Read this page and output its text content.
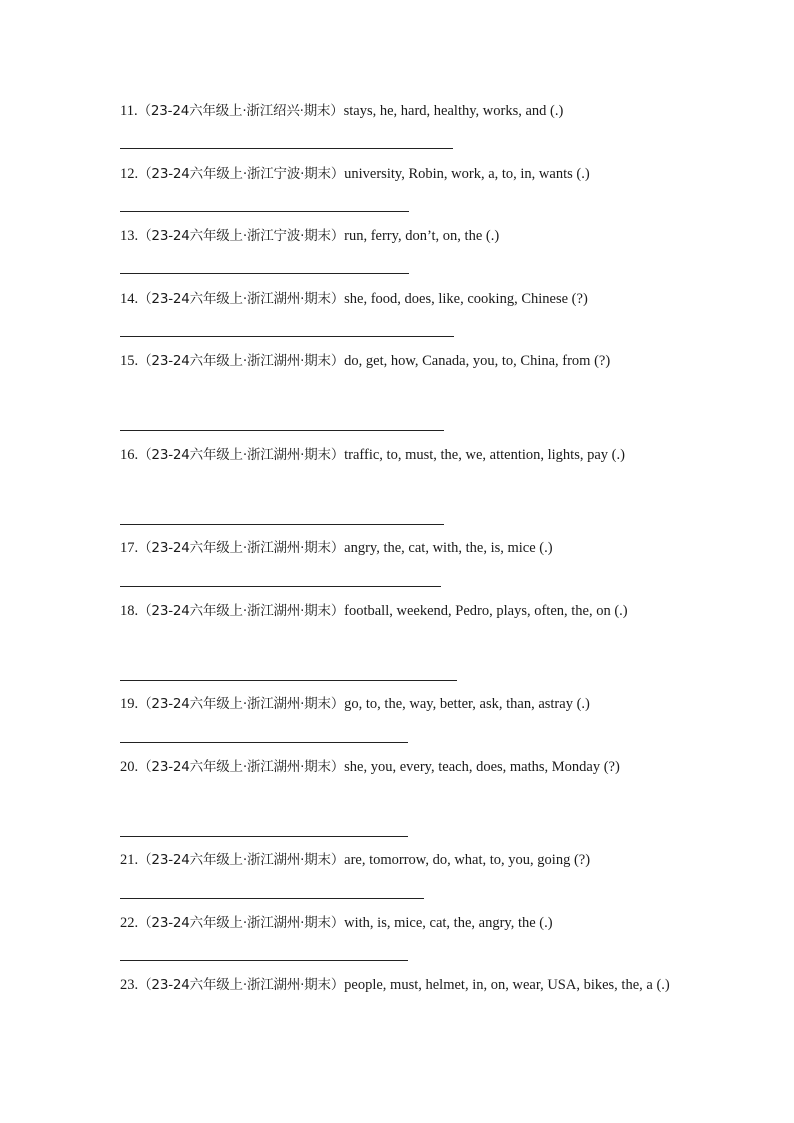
11.（23-24六年级上·浙江绍兴·期末）stays, he, hard, healthy, works, and (.)
12.（23-24六年级上·浙江宁波·期末）university, Robin, work, a, to, in, wants (.)
13.（23-24六年级上·浙江宁波·期末）run, ferry, don’t, on, the (.)
14.（23-24六年级上·浙江湖州·期末）she, food, does, like, cooking, Chinese (?)
15.（23-24六年级上·浙江湖州·期末）do, get, how, Canada, you, to, China, from (?)
16.（23-24六年级上·浙江湖州·期末）traffic, to, must, the, we, attention, lights, pay (.)
17.（23-24六年级上·浙江湖州·期末）angry, the, cat, with, the, is, mice (.)
18.（23-24六年级上·浙江湖州·期末）football, weekend, Pedro, plays, often, the, on (.)
19.（23-24六年级上·浙江湖州·期末）go, to, the, way, better, ask, than, astray (.)
20.（23-24六年级上·浙江湖州·期末）she, you, every, teach, does, maths, Monday (?)
21.（23-24六年级上·浙江湖州·期末）are, tomorrow, do, what, to, you, going (?)
22.（23-24六年级上·浙江湖州·期末）with, is, mice, cat, the, angry, the (.)
23.（23-24六年级上·浙江湖州·期末）people, must, helmet, in, on, wear, USA, bikes, the, a (.)
